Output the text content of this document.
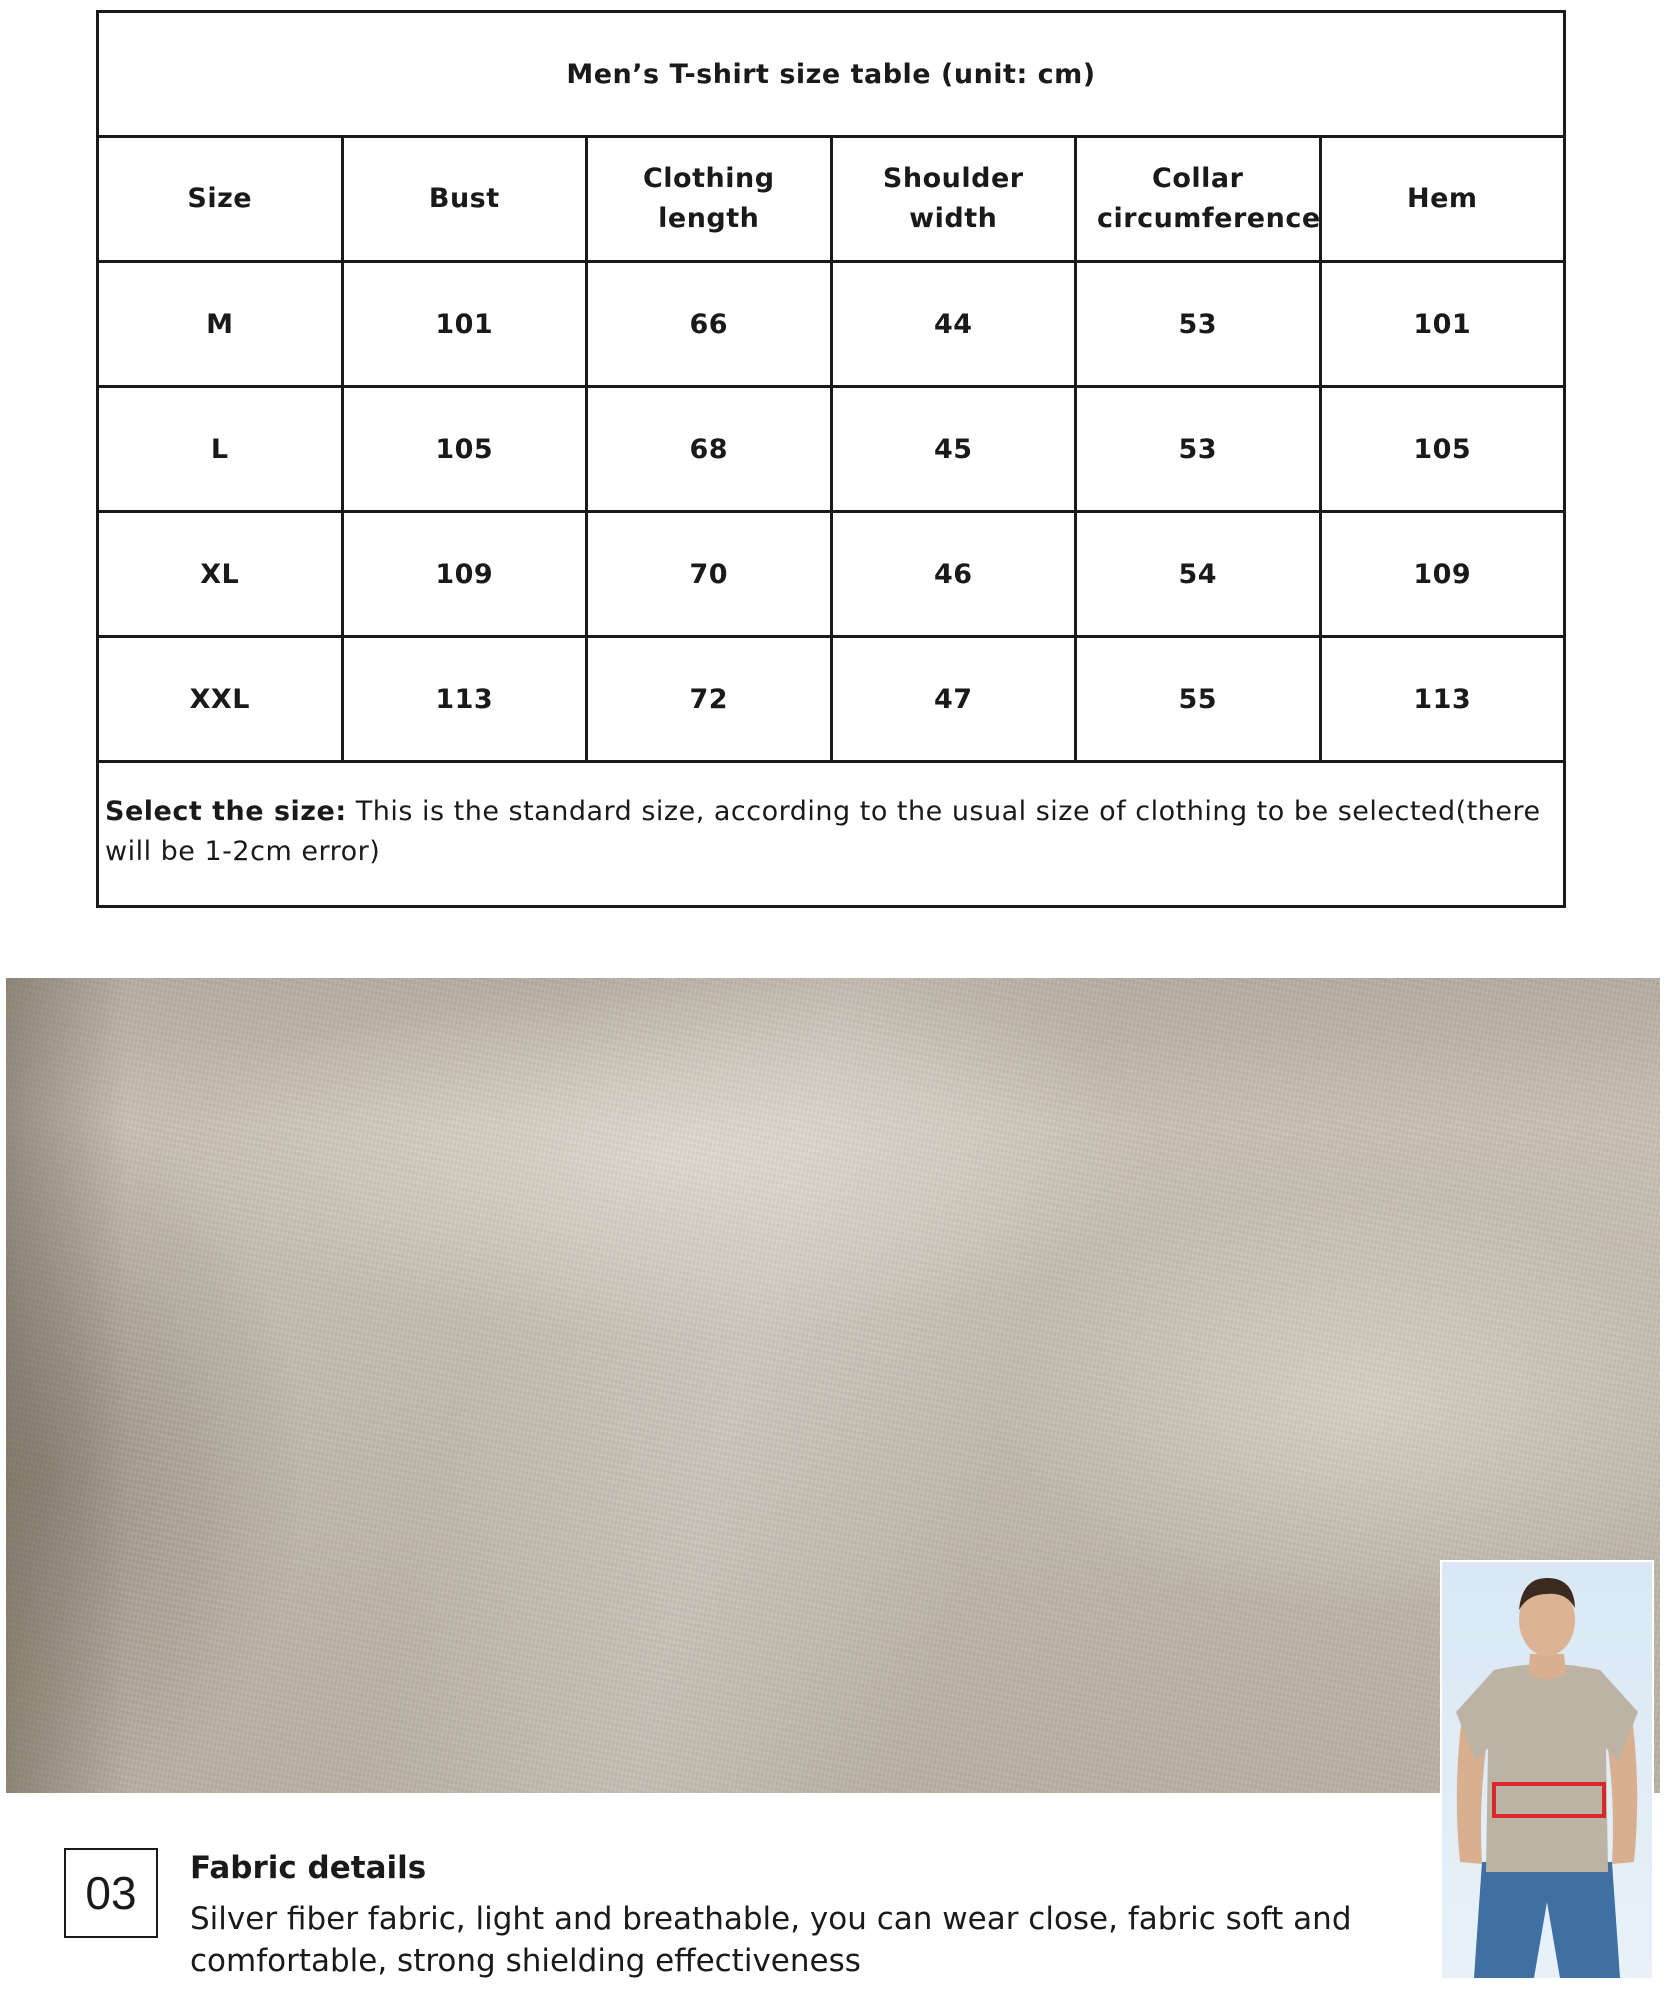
Men’s T-shirt size table (unit: cm)					
Size	Bust	Clothing length	Shoulder width	Collar circumference	Hem
M	101	66	44	53	101
L	105	68	45	53	105
XL	109	70	46	54	109
XXL	113	72	47	55	113
Select the size: This is the standard size, according to the usual size of clothing to be selected(there will be 1-2cm error)					
03 Fabric details
Silver fiber fabric, light and breathable, you can wear close, fabric soft and comfortable, strong shielding effectiveness
